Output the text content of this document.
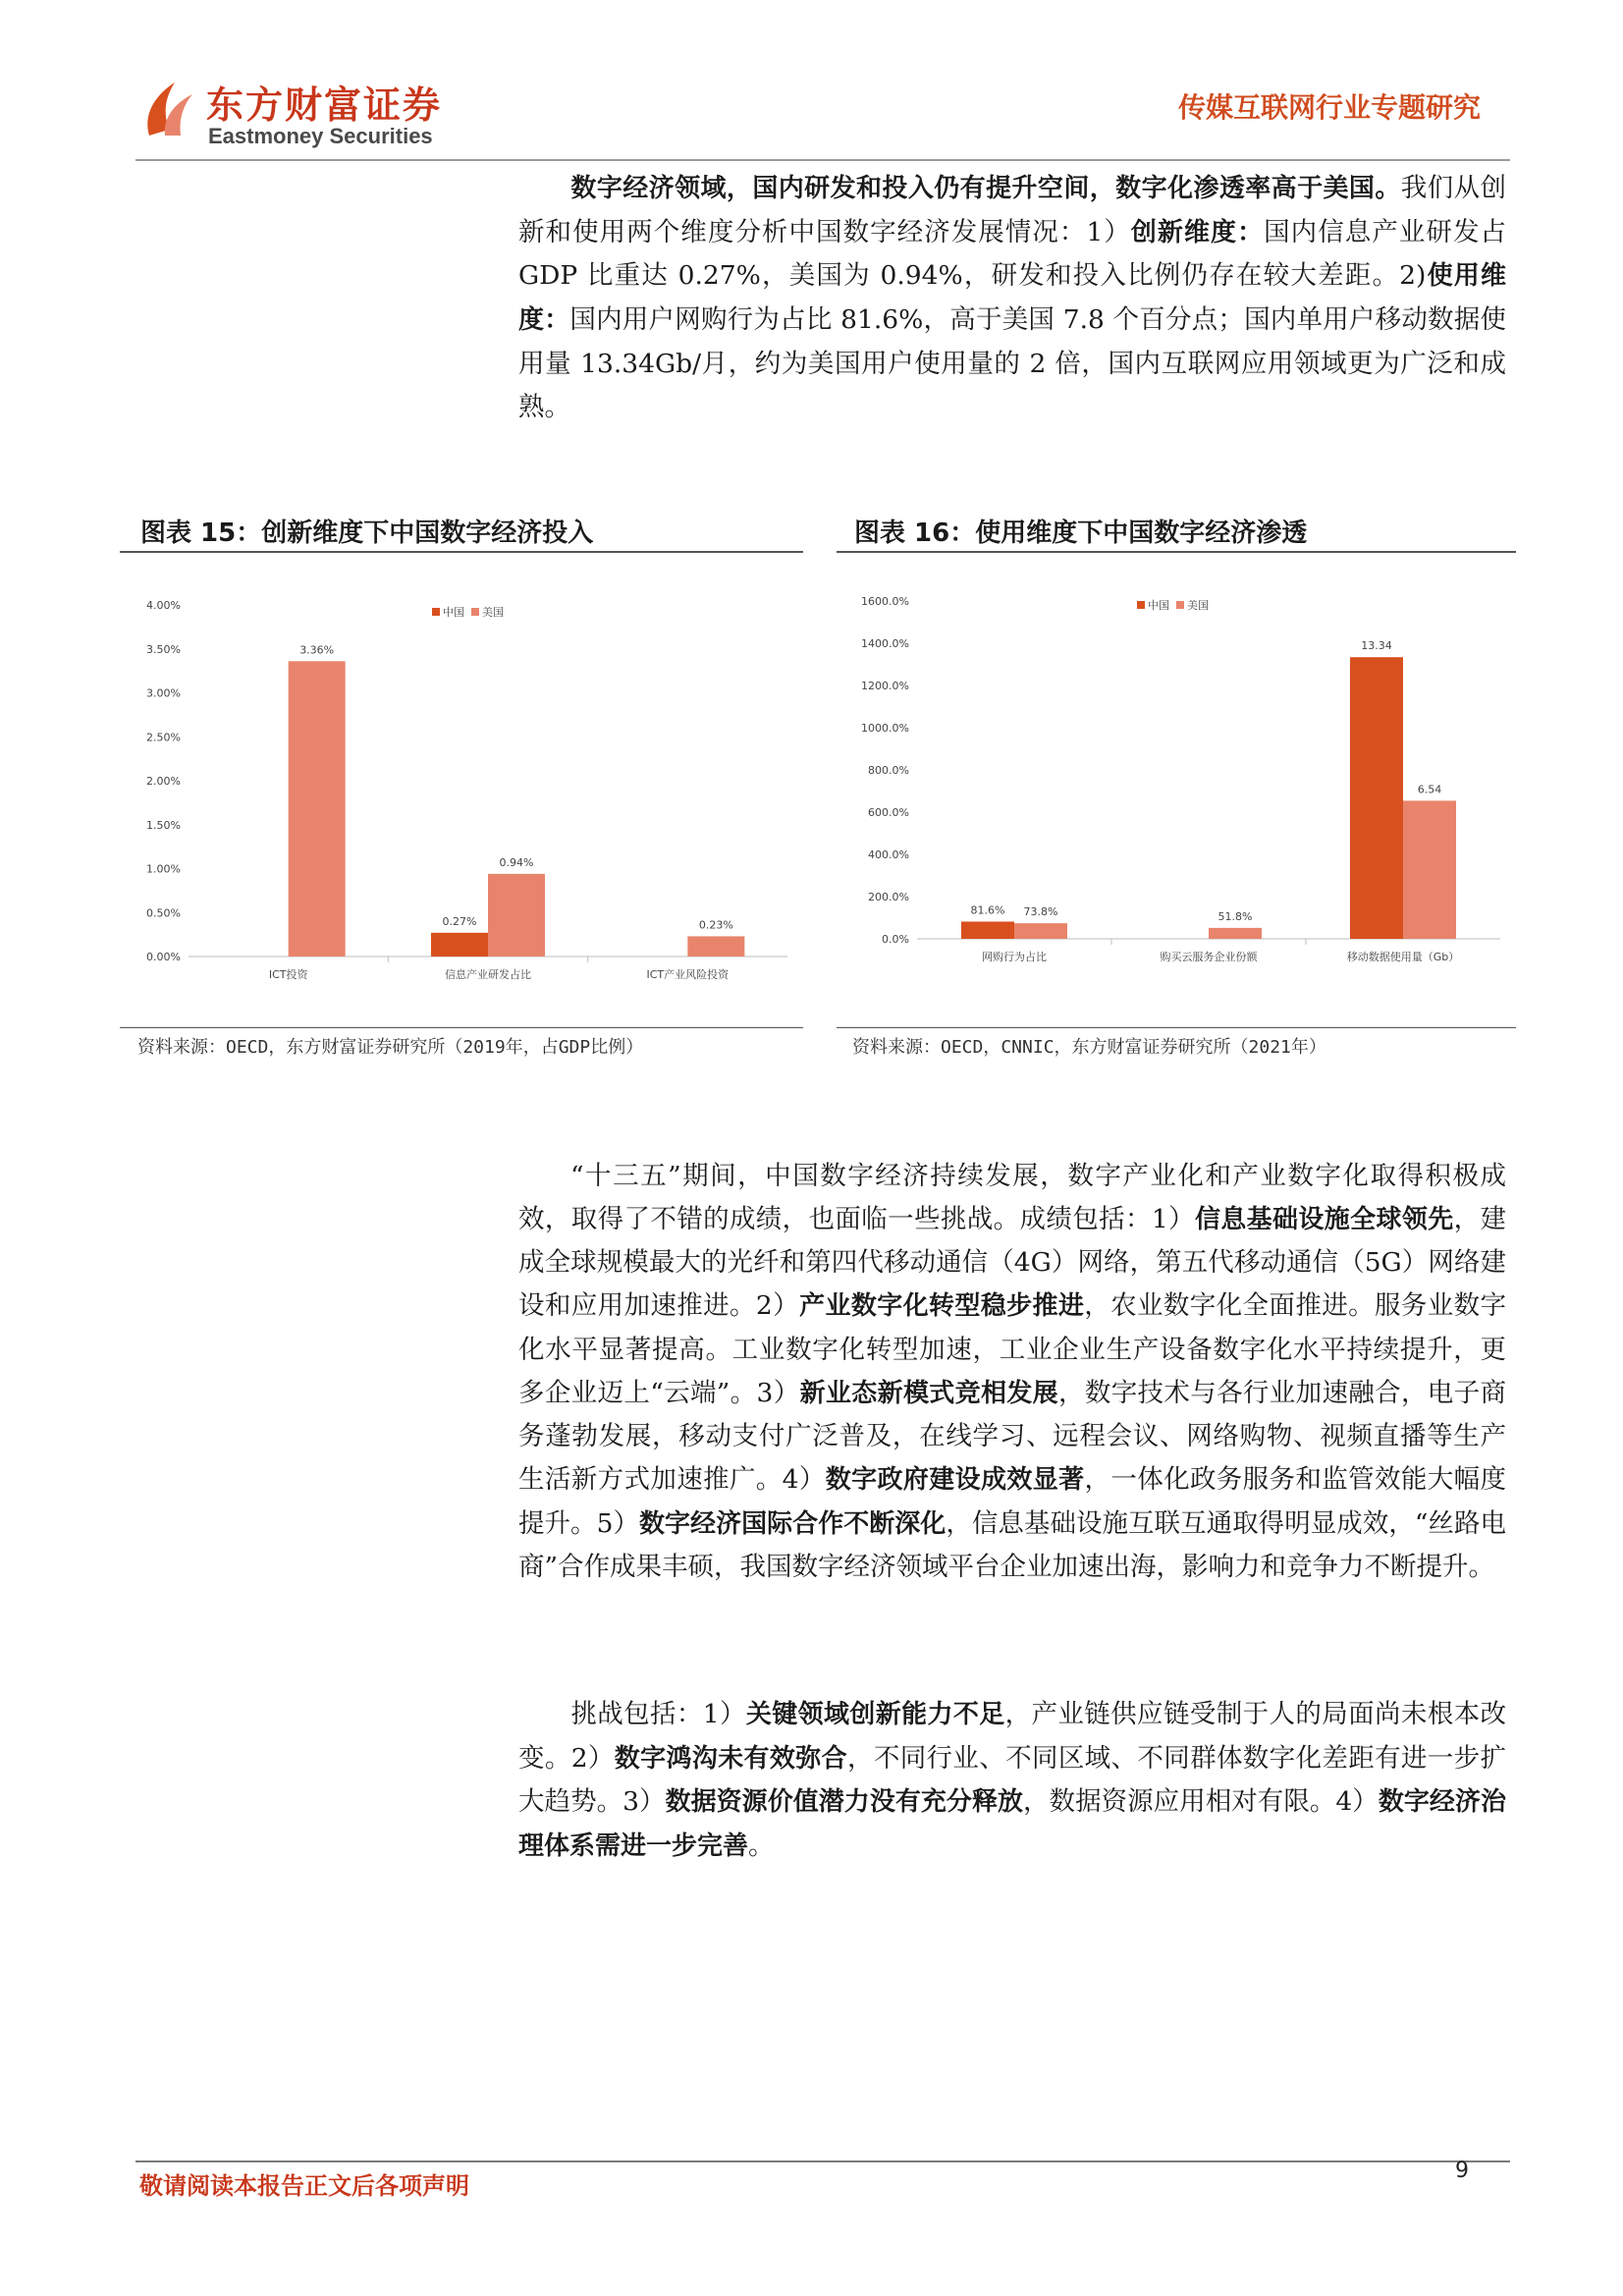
东方财富证券
Eastmoney Securities
传媒互联网行业专题研究
数字经济领域，国内研发和投入仍有提升空间，数字化渗透率高于美国。我们从创新和使用两个维度分析中国数字经济发展情况：1）创新维度：国内信息产业研发占 GDP 比重达 0.27%，美国为 0.94%，研发和投入比例仍存在较大差距。2)使用维度：国内用户网购行为占比 81.6%，高于美国 7.8 个百分点；国内单用户移动数据使用量 13.34Gb/月，约为美国用户使用量的 2 倍，国内互联网应用领域更为广泛和成熟。
图表 15：创新维度下中国数字经济投入
0.00%
0.50%
1.00%
1.50%
2.00%
2.50%
3.00%
3.50%
4.00%
ICT投资
3.36%
信息产业研发占比
0.27%
0.94%
ICT产业风险投资
0.23%
中国 美国
资料来源：OECD，东方财富证券研究所（2019年，占GDP比例）
图表 16：使用维度下中国数字经济渗透
0.0%
200.0%
400.0%
600.0%
800.0%
1000.0%
1200.0%
1400.0%
1600.0%
网购行为占比
81.6% 73.8%
购买云服务企业份额
51.8%
移动数据使用量（Gb）
13.34
6.54
中国 美国
资料来源：OECD，CNNIC，东方财富证券研究所（2021年）
“十三五”期间，中国数字经济持续发展，数字产业化和产业数字化取得积极成效，取得了不错的成绩，也面临一些挑战。成绩包括：1）信息基础设施全球领先，建成全球规模最大的光纤和第四代移动通信（4G）网络，第五代移动通信（5G）网络建设和应用加速推进。2）产业数字化转型稳步推进，农业数字化全面推进。服务业数字化水平显著提高。工业数字化转型加速，工业企业生产设备数字化水平持续提升，更多企业迈上“云端”。3）新业态新模式竞相发展，数字技术与各行业加速融合，电子商务蓬勃发展，移动支付广泛普及，在线学习、远程会议、网络购物、视频直播等生产生活新方式加速推广。4）数字政府建设成效显著，一体化政务服务和监管效能大幅度提升。5）数字经济国际合作不断深化，信息基础设施互联互通取得明显成效，“丝路电商”合作成果丰硕，我国数字经济领域平台企业加速出海，影响力和竞争力不断提升。
挑战包括：1）关键领域创新能力不足，产业链供应链受制于人的局面尚未根本改变。2）数字鸿沟未有效弥合，不同行业、不同区域、不同群体数字化差距有进一步扩大趋势。3）数据资源价值潜力没有充分释放，数据资源应用相对有限。4）数字经济治理体系需进一步完善。
敬请阅读本报告正文后各项声明
9
